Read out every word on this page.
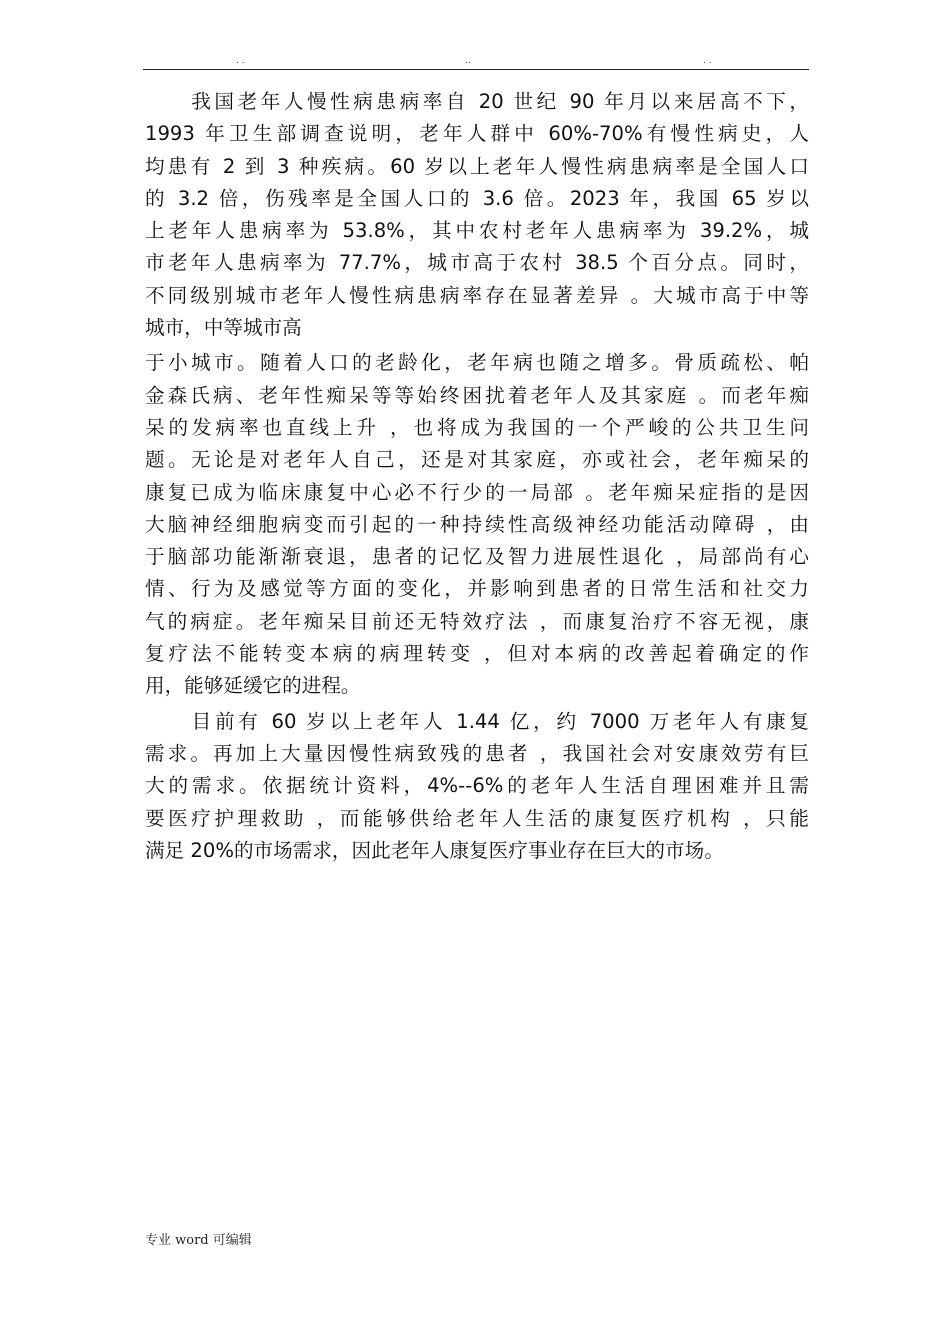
. .	..	. .
　　我国老年人慢性病患病率自 20 世纪 90 年月以来居高不下，
1993 年卫生部调查说明，老年人群中 60%-70%有慢性病史，人
均患有 2 到 3 种疾病。60 岁以上老年人慢性病患病率是全国人口
的 3.2 倍，伤残率是全国人口的 3.6 倍。2023 年，我国 65 岁以
上老年人患病率为 53.8%，其中农村老年人患病率为 39.2%，城
市老年人患病率为 77.7%，城市高于农村 38.5 个百分点。同时，
不同级别城市老年人慢性病患病率存在显著差异 。大城市高于中等
城市，中等城市高
于小城市。随着人口的老龄化，老年病也随之增多。骨质疏松、帕
金森氏病、老年性痴呆等等始终困扰着老年人及其家庭 。而老年痴
呆的发病率也直线上升 ，也将成为我国的一个严峻的公共卫生问
题。无论是对老年人自己，还是对其家庭，亦或社会，老年痴呆的
康复已成为临床康复中心必不行少的一局部 。老年痴呆症指的是因
大脑神经细胞病变而引起的一种持续性高级神经功能活动障碍 ，由
于脑部功能渐渐衰退，患者的记忆及智力进展性退化 ，局部尚有心
情、行为及感觉等方面的变化，并影响到患者的日常生活和社交力
气的病症。老年痴呆目前还无特效疗法 ，而康复治疗不容无视，康
复疗法不能转变本病的病理转变 ，但对本病的改善起着确定的作
用，能够延缓它的进程。
　　目前有 60 岁以上老年人 1.44 亿，约 7000 万老年人有康复
需求。再加上大量因慢性病致残的患者 ，我国社会对安康效劳有巨
大的需求。依据统计资料，4%--6%的老年人生活自理困难并且需
要医疗护理救助 ，而能够供给老年人生活的康复医疗机构 ，只能
满足 20%的市场需求，因此老年人康复医疗事业存在巨大的市场。
专业 word 可编辑
